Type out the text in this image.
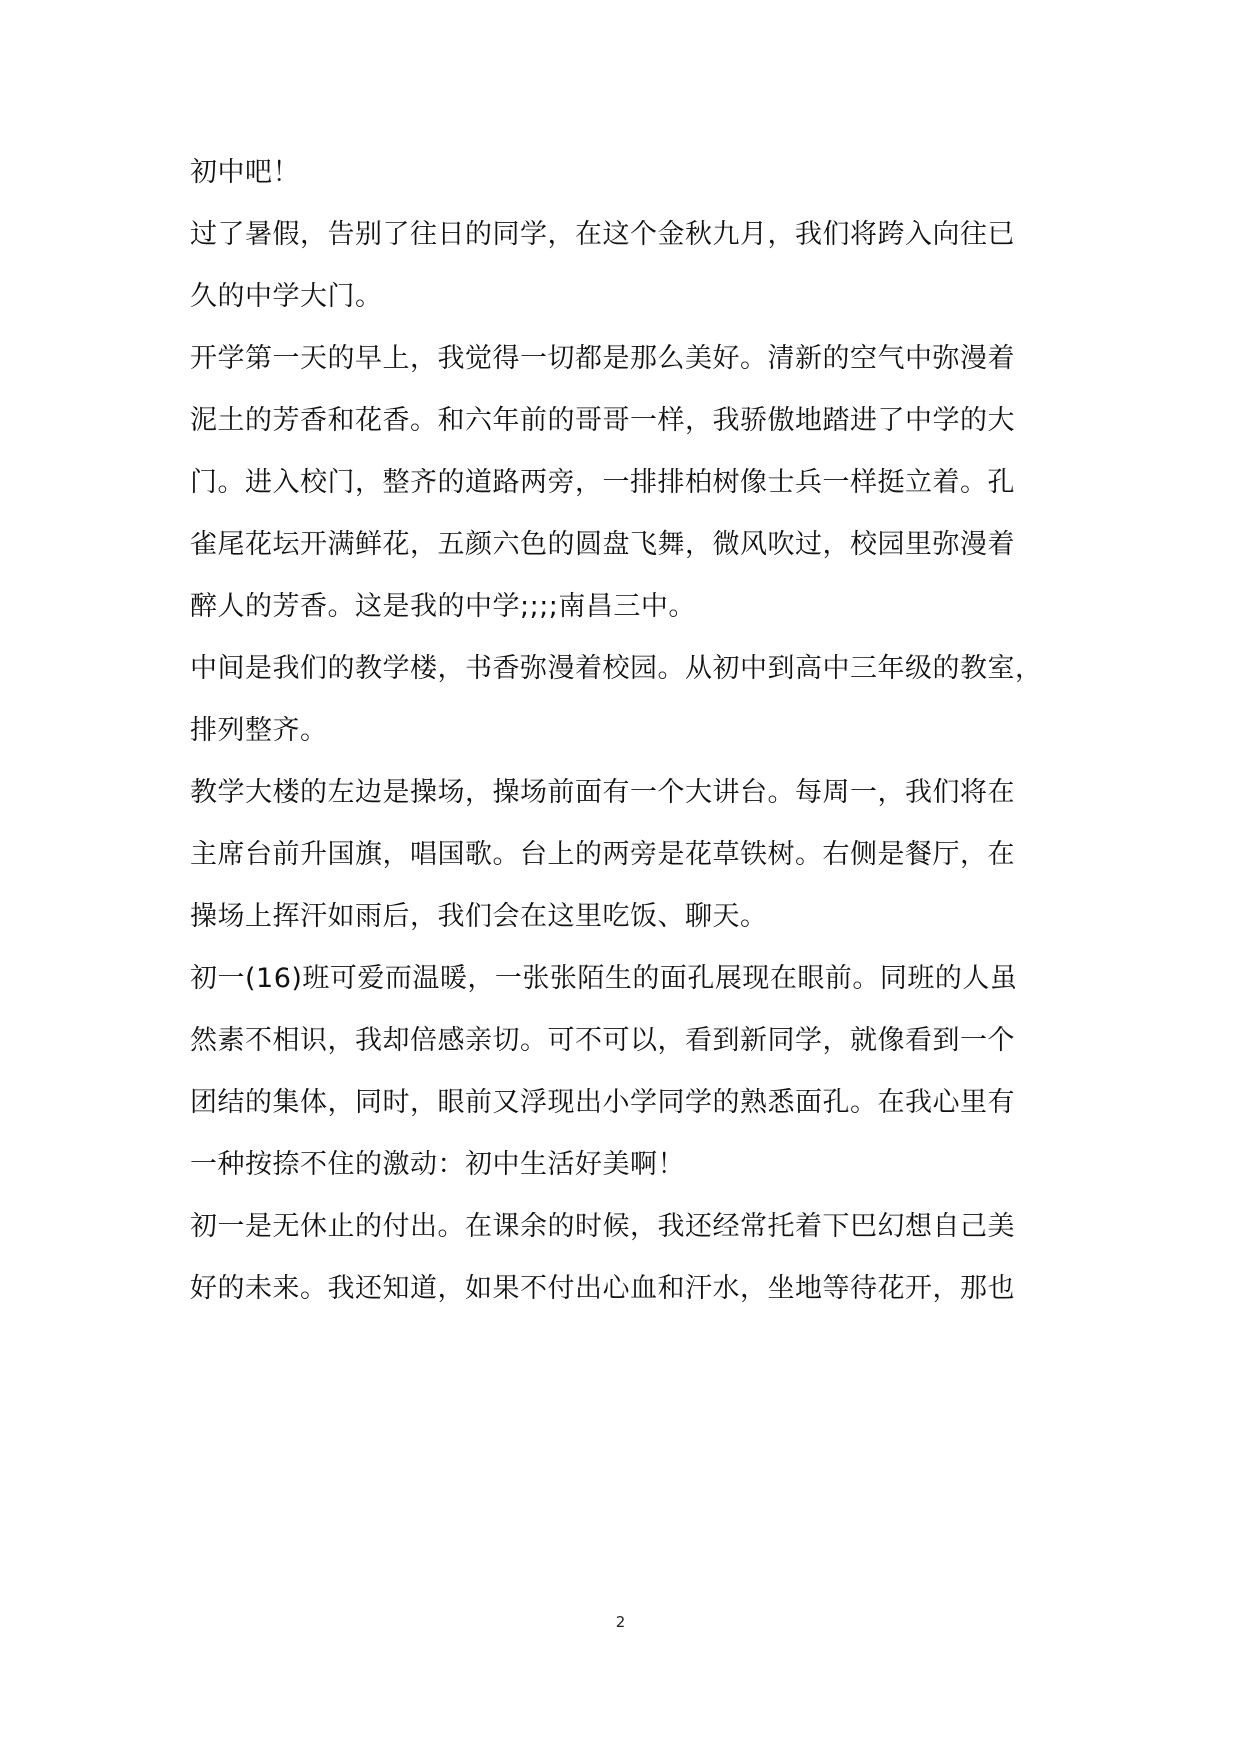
初中吧！
过了暑假，告别了往日的同学，在这个金秋九月，我们将跨入向往已
久的中学大门。
开学第一天的早上，我觉得一切都是那么美好。清新的空气中弥漫着
泥土的芳香和花香。和六年前的哥哥一样，我骄傲地踏进了中学的大
门。进入校门，整齐的道路两旁，一排排柏树像士兵一样挺立着。孔
雀尾花坛开满鲜花，五颜六色的圆盘飞舞，微风吹过，校园里弥漫着
醉人的芳香。这是我的中学;;;;南昌三中。
中间是我们的教学楼，书香弥漫着校园。从初中到高中三年级的教室，
排列整齐。
教学大楼的左边是操场，操场前面有一个大讲台。每周一，我们将在
主席台前升国旗，唱国歌。台上的两旁是花草铁树。右侧是餐厅，在
操场上挥汗如雨后，我们会在这里吃饭、聊天。
初一(16)班可爱而温暖，一张张陌生的面孔展现在眼前。同班的人虽
然素不相识，我却倍感亲切。可不可以，看到新同学，就像看到一个
团结的集体，同时，眼前又浮现出小学同学的熟悉面孔。在我心里有
一种按捺不住的激动：初中生活好美啊！
初一是无休止的付出。在课余的时候，我还经常托着下巴幻想自己美
好的未来。我还知道，如果不付出心血和汗水，坐地等待花开，那也
2
